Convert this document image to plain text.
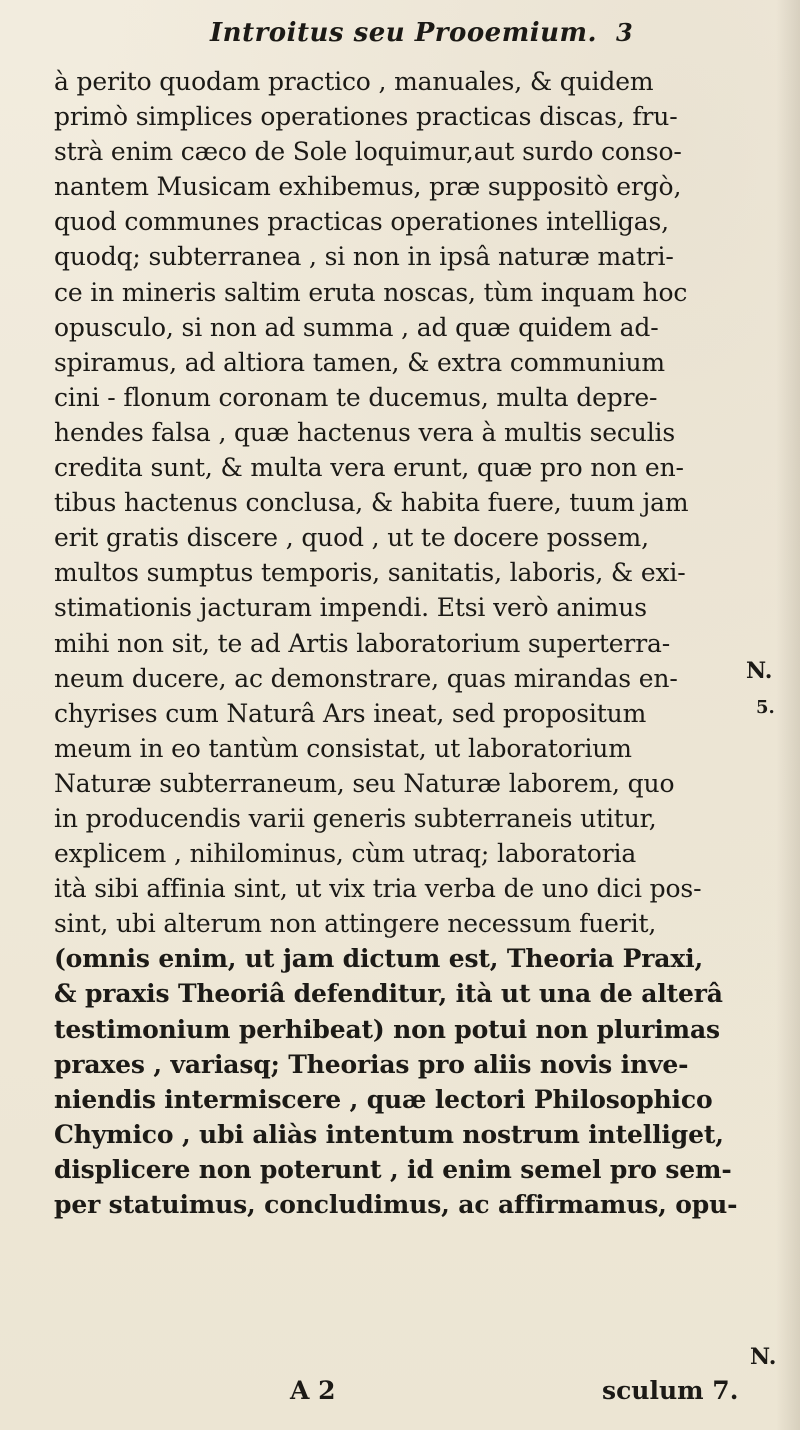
Introitus seu Prooemium. 3
à perito quodam practico , manuales, & quidem
primò simplices operationes practicas discas, fru-
strà enim cæco de Sole loquimur,aut surdo conso-
nantem Musicam exhibemus, præ suppositò ergò,
quod communes practicas operationes intelligas,
quodq; subterranea , si non in ipsâ naturæ matri-
ce in mineris saltim eruta noscas, tùm inquam hoc
opusculo, si non ad summa , ad quæ quidem ad-
spiramus, ad altiora tamen, & extra communium
cini - flonum coronam te ducemus, multa depre-
hendes falsa , quæ hactenus vera à multis seculis
credita sunt, & multa vera erunt, quæ pro non en-
tibus hactenus conclusa, & habita fuere, tuum jam
erit gratis discere , quod , ut te docere possem,
multos sumptus temporis, sanitatis, laboris, & exi-
stimationis jacturam impendi. Etsi verò animus
mihi non sit, te ad Artis laboratorium superterra-
neum ducere, ac demonstrare, quas mirandas en-
chyrises cum Naturâ Ars ineat, sed propositum
meum in eo tantùm consistat, ut laboratorium
Naturæ subterraneum, seu Naturæ laborem, quo
in producendis varii generis subterraneis utitur,
explicem , nihilominus, cùm utraq; laboratoria
ità sibi affinia sint, ut vix tria verba de uno dici pos-
sint, ubi alterum non attingere necessum fuerit,
(omnis enim, ut jam dictum est, Theoria Praxi,
& praxis Theoriâ defenditur, ità ut una de alterâ
testimonium perhibeat) non potui non plurimas
praxes , variasq; Theorias pro aliis novis inve-
niendis intermiscere , quæ lectori Philosophico
Chymico , ubi aliàs intentum nostrum intelliget,
displicere non poterunt , id enim semel pro sem-
per statuimus, concludimus, ac affirmamus, opu-
N.
5.
N.
A 2	sculum 7.
